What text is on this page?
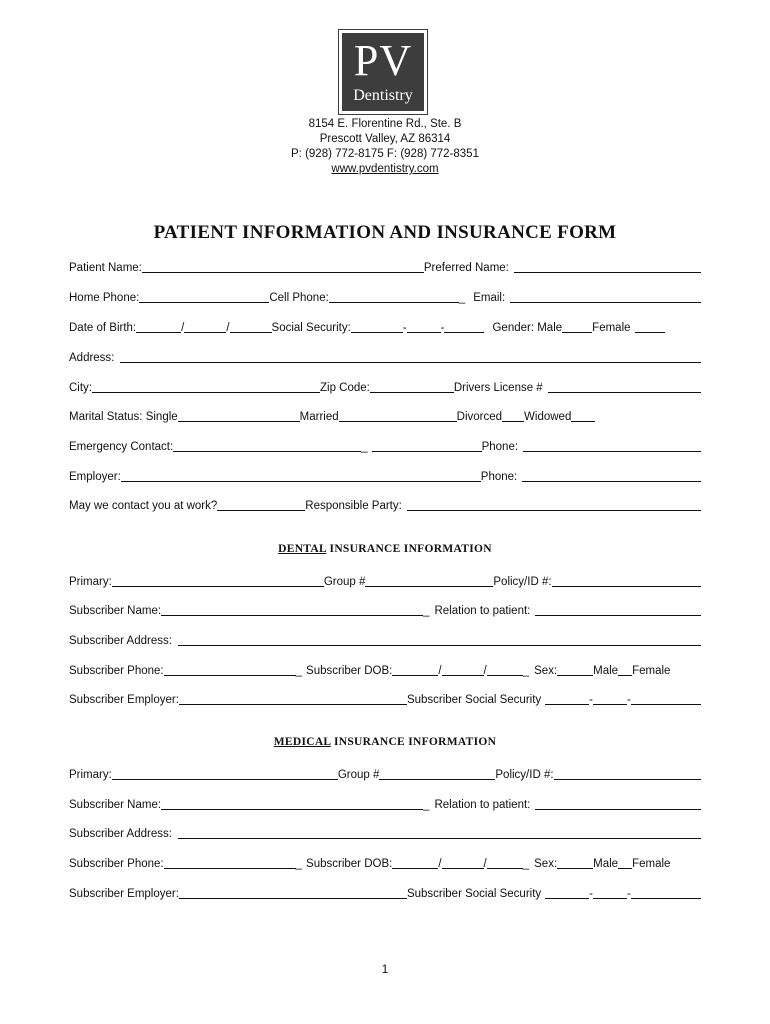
PV
Dentistry
8154 E. Florentine Rd., Ste. B
Prescott Valley, AZ 86314
P: (928) 772-8175 F: (928) 772-8351
www.pvdentistry.com
PATIENT INFORMATION AND INSURANCE FORM
Patient Name:	Preferred Name:
Home Phone:	Cell Phone:	_ Email:
Date of Birth:	/	/	Social Security:	-	-	Gender: Male	Female
Address:
City:	Zip Code:	Drivers License #
Marital Status: Single	Married	Divorced Widowed
Emergency Contact:	_	Phone:
Employer:	Phone:
May we contact you at work?	Responsible Party:
DENTAL INSURANCE INFORMATION
Primary:	Group #	Policy/ID #:
Subscriber Name:	_ Relation to patient:
Subscriber Address:
Subscriber Phone:	_ Subscriber DOB:	/	/	_ Sex:	Male Female
Subscriber Employer:	Subscriber Social Security	-	-
MEDICAL INSURANCE INFORMATION
Primary:	Group #	Policy/ID #:
Subscriber Name:	_ Relation to patient:
Subscriber Address:
Subscriber Phone:	_ Subscriber DOB:	/	/	_ Sex:	Male Female
Subscriber Employer:	Subscriber Social Security	-	-
1
